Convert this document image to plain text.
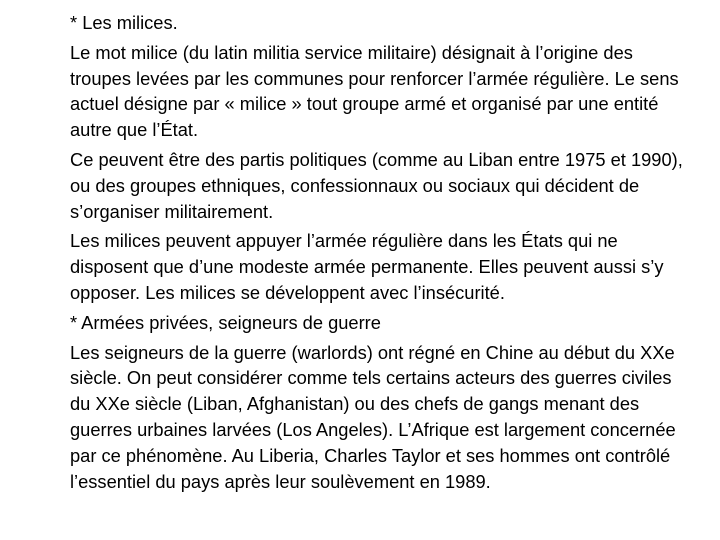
* Les milices.

Le mot milice (du latin militia service militaire) désignait à l’origine des troupes levées par les communes pour renforcer l’armée régulière. Le sens actuel désigne par « milice » tout groupe armé et organisé par une entité autre que l’État.

Ce peuvent être des partis politiques (comme au Liban entre 1975 et 1990), ou des groupes ethniques, confessionnaux ou sociaux qui décident de s’organiser militairement.

Les milices peuvent appuyer l’armée régulière dans les États qui ne disposent que d’une modeste armée permanente. Elles peuvent aussi s’y opposer. Les milices se développent avec l’insécurité.

* Armées privées, seigneurs de guerre

Les seigneurs de la guerre (warlords) ont régné en Chine au début du XXe siècle. On peut considérer comme tels certains acteurs des guerres civiles du XXe siècle (Liban, Afghanistan) ou des chefs de gangs menant des guerres urbaines larvées (Los Angeles). L’Afrique est largement concernée par ce phénomène. Au Liberia, Charles Taylor et ses hommes ont contrôlé l’essentiel du pays après leur soulèvement en 1989.
